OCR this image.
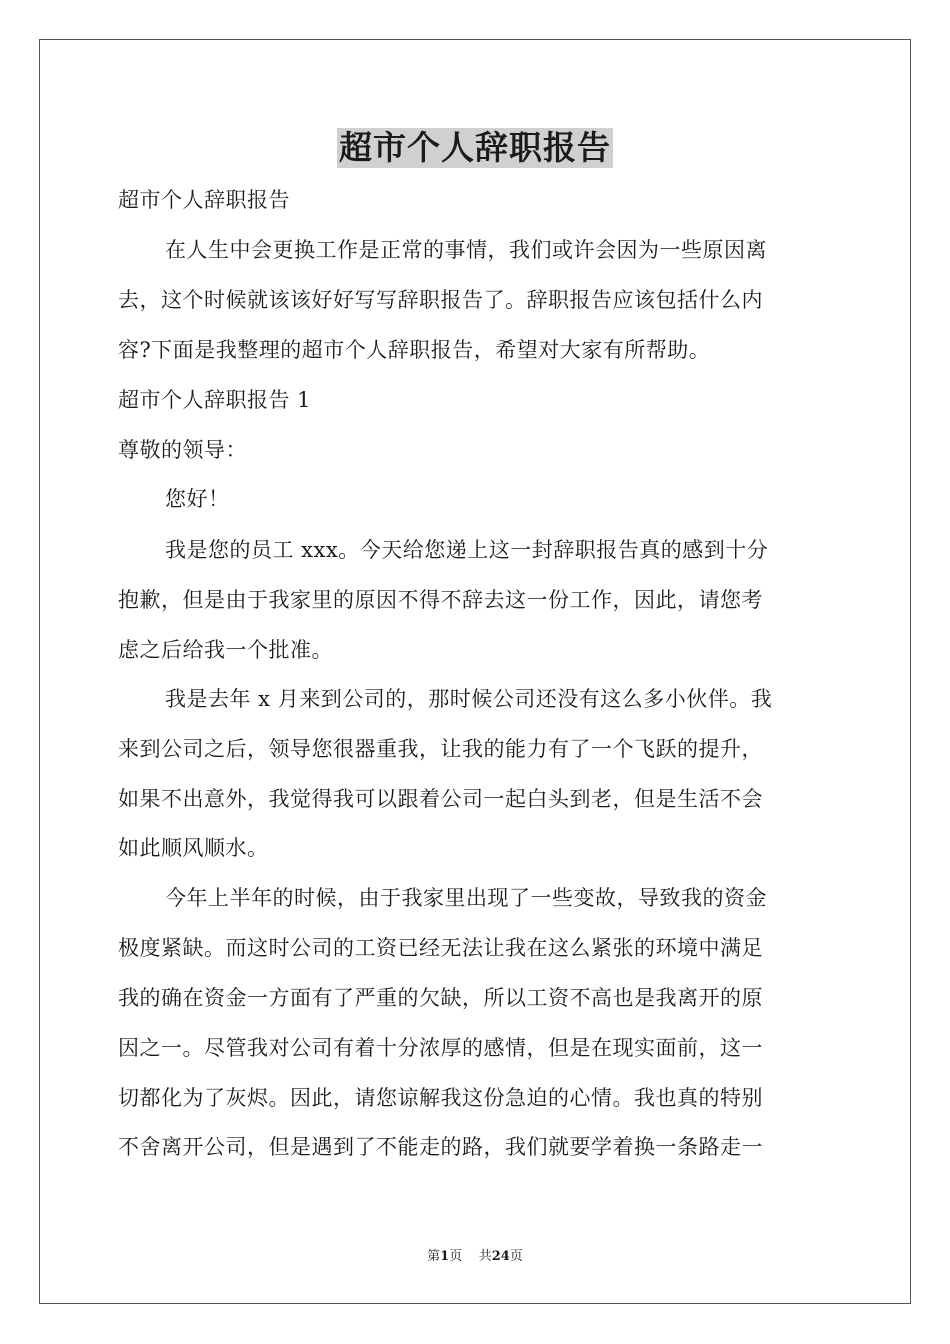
超市个人辞职报告
超市个人辞职报告
在人生中会更换工作是正常的事情，我们或许会因为一些原因离
去，这个时候就该该好好写写辞职报告了。辞职报告应该包括什么内
容?下面是我整理的超市个人辞职报告，希望对大家有所帮助。
超市个人辞职报告 1
尊敬的领导：
您好！
我是您的员工 xxx。今天给您递上这一封辞职报告真的感到十分
抱歉，但是由于我家里的原因不得不辞去这一份工作，因此，请您考
虑之后给我一个批准。
我是去年 x 月来到公司的，那时候公司还没有这么多小伙伴。我
来到公司之后，领导您很器重我，让我的能力有了一个飞跃的提升，
如果不出意外，我觉得我可以跟着公司一起白头到老，但是生活不会
如此顺风顺水。
今年上半年的时候，由于我家里出现了一些变故，导致我的资金
极度紧缺。而这时公司的工资已经无法让我在这么紧张的环境中满足
我的确在资金一方面有了严重的欠缺，所以工资不高也是我离开的原
因之一。尽管我对公司有着十分浓厚的感情，但是在现实面前，这一
切都化为了灰烬。因此，请您谅解我这份急迫的心情。我也真的特别
不舍离开公司，但是遇到了不能走的路，我们就要学着换一条路走一
第1页 共24页
